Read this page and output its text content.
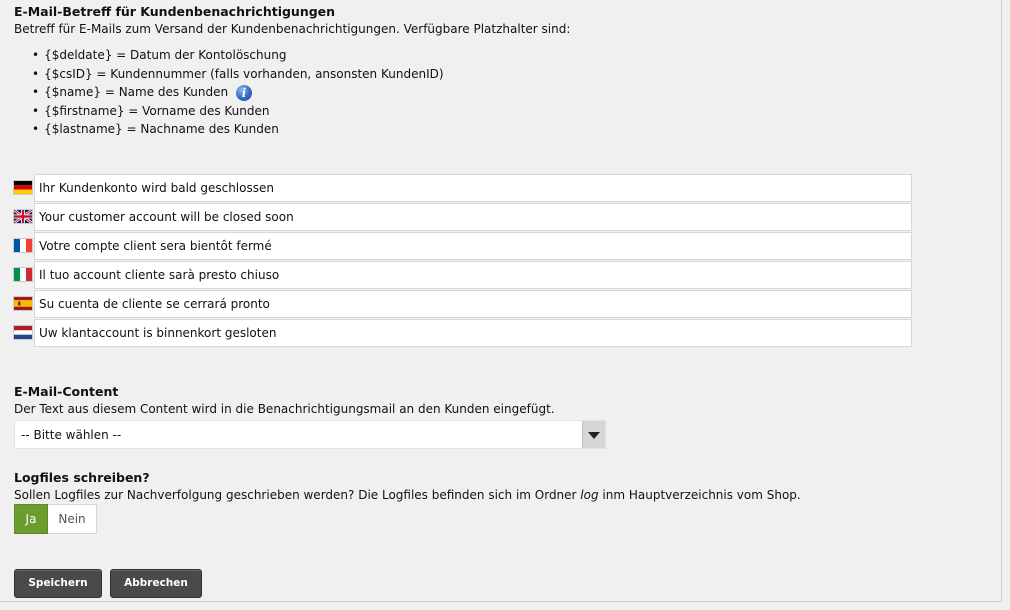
E-Mail-Betreff für Kundenbenachrichtigungen
Betreff für E-Mails zum Versand der Kundenbenachrichtigungen. Verfügbare Platzhalter sind:
• {$deldate} = Datum der Kontolöschung
• {$csID} = Kundennummer (falls vorhanden, ansonsten KundenID)
• {$name} = Name des Kunden i
• {$firstname} = Vorname des Kunden
• {$lastname} = Nachname des Kunden
Ihr Kundenkonto wird bald geschlossen
Your customer account will be closed soon
Votre compte client sera bientôt fermé
Il tuo account cliente sarà presto chiuso
Su cuenta de cliente se cerrará pronto
Uw klantaccount is binnenkort gesloten
E-Mail-Content
Der Text aus diesem Content wird in die Benachrichtigungsmail an den Kunden eingefügt.
-- Bitte wählen --
Logfiles schreiben?
Sollen Logfiles zur Nachverfolgung geschrieben werden? Die Logfiles befinden sich im Ordner log inm Hauptverzeichnis vom Shop.
Ja	Nein
Speichern	Abbrechen
